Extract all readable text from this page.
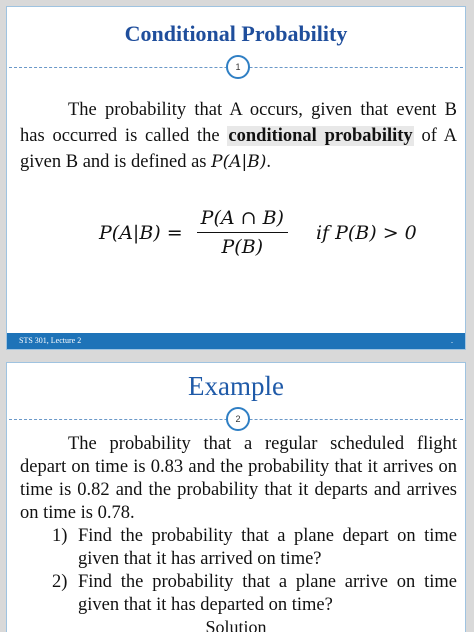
Conditional Probability
1
The probability that A occurs, given that event B has occurred is called the conditional probability of A given B and is defined as P(A|B).
$P(A|B) = \frac{P(A \cap B)}{P(B)}$ if P(B) > 0
STS 301, Lecture 2	.
Example
2
The probability that a regular scheduled flight depart on time is 0.83 and the probability that it arrives on time is 0.82 and the probability that it departs and arrives on time is 0.78.
1) Find the probability that a plane depart on time given that it has arrived on time?
2) Find the probability that a plane arrive on time given that it has departed on time?
Solution
